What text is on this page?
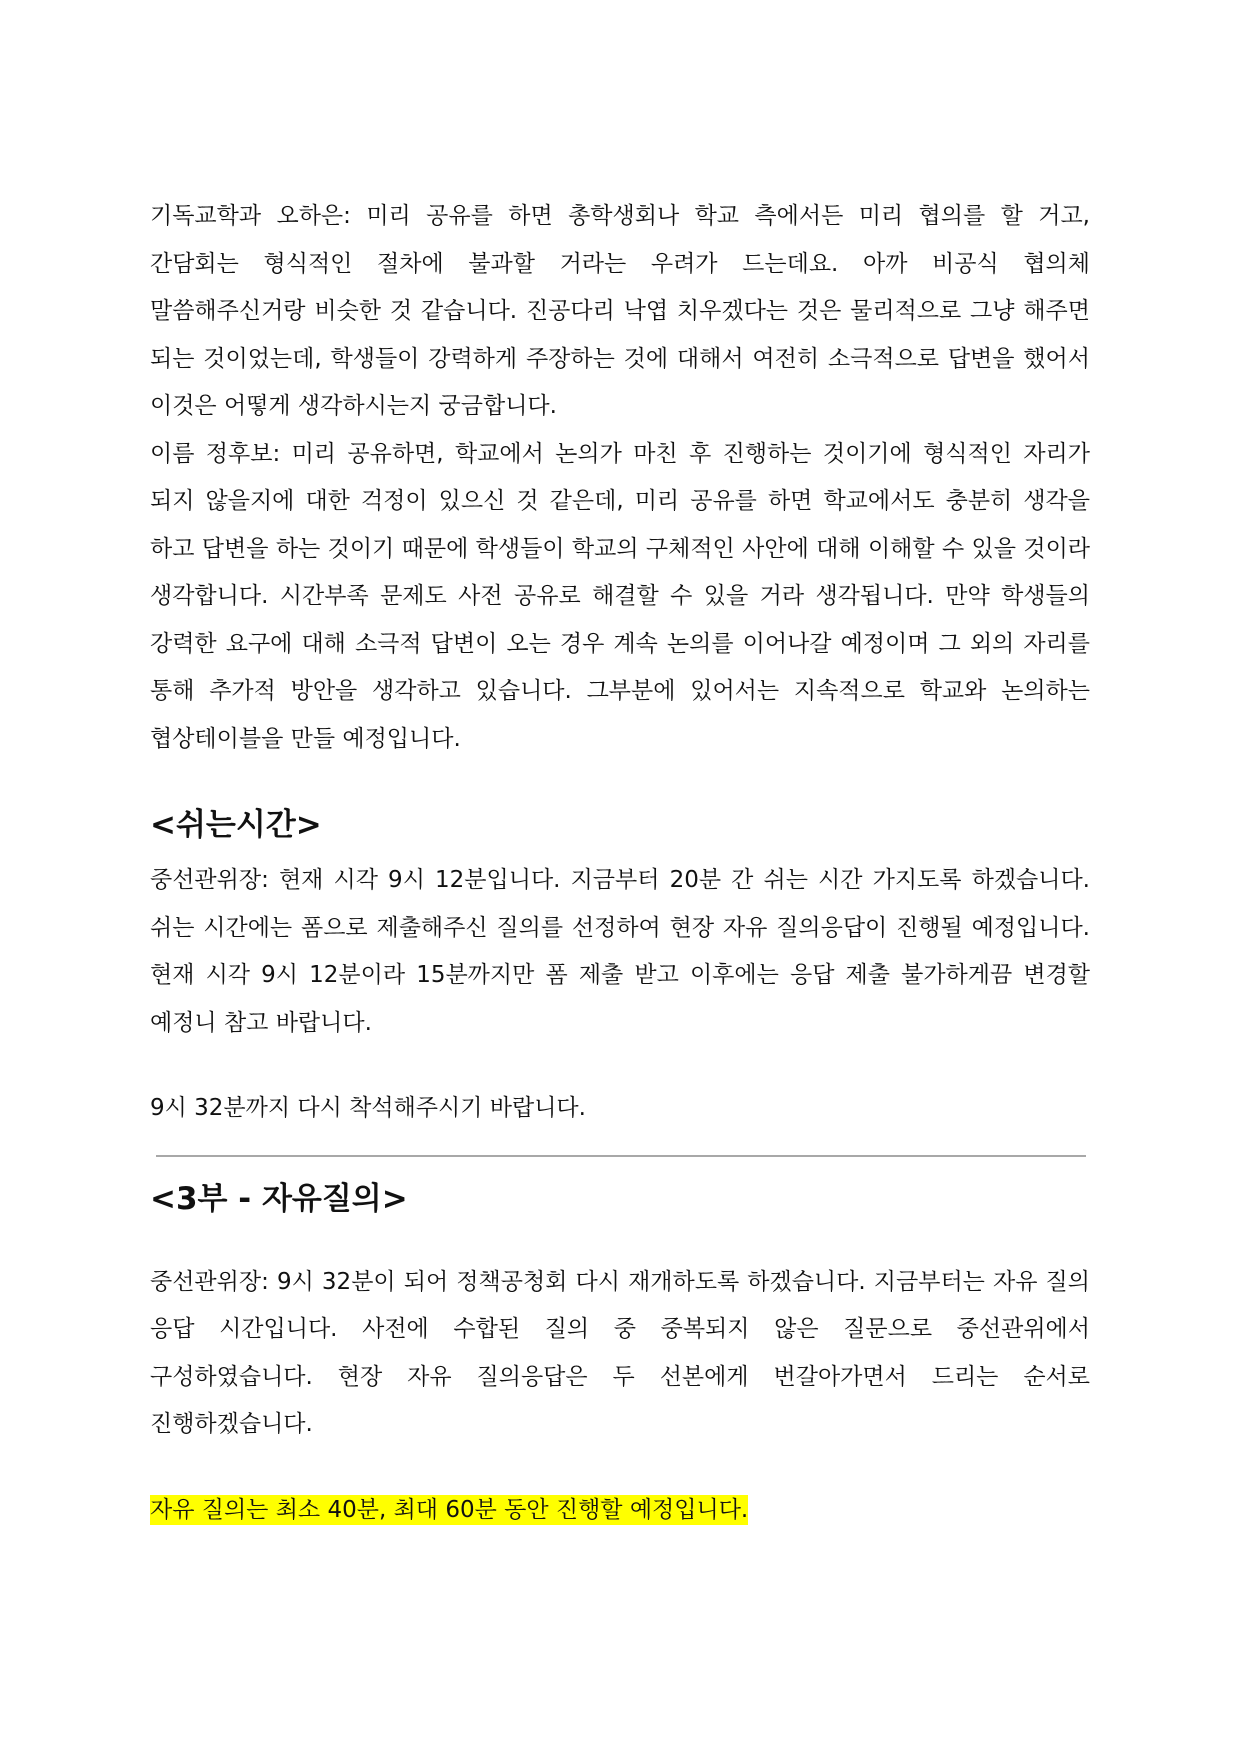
기독교학과 오하은: 미리 공유를 하면 총학생회나 학교 측에서든 미리 협의를 할 거고, 간담회는 형식적인 절차에 불과할 거라는 우려가 드는데요. 아까 비공식 협의체 말씀해주신거랑 비슷한 것 같습니다. 진공다리 낙엽 치우겠다는 것은 물리적으로 그냥 해주면 되는 것이었는데, 학생들이 강력하게 주장하는 것에 대해서 여전히 소극적으로 답변을 했어서 이것은 어떻게 생각하시는지 궁금합니다.

이름 정후보: 미리 공유하면, 학교에서 논의가 마친 후 진행하는 것이기에 형식적인 자리가 되지 않을지에 대한 걱정이 있으신 것 같은데, 미리 공유를 하면 학교에서도 충분히 생각을 하고 답변을 하는 것이기 때문에 학생들이 학교의 구체적인 사안에 대해 이해할 수 있을 것이라 생각합니다. 시간부족 문제도 사전 공유로 해결할 수 있을 거라 생각됩니다. 만약 학생들의 강력한 요구에 대해 소극적 답변이 오는 경우 계속 논의를 이어나갈 예정이며 그 외의 자리를 통해 추가적 방안을 생각하고 있습니다. 그부분에 있어서는 지속적으로 학교와 논의하는 협상테이블을 만들 예정입니다.

<쉬는시간>

중선관위장: 현재 시각 9시 12분입니다. 지금부터 20분 간 쉬는 시간 가지도록 하겠습니다. 쉬는 시간에는 폼으로 제출해주신 질의를 선정하여 현장 자유 질의응답이 진행될 예정입니다. 현재 시각 9시 12분이라 15분까지만 폼 제출 받고 이후에는 응답 제출 불가하게끔 변경할 예정니 참고 바랍니다.

9시 32분까지 다시 착석해주시기 바랍니다.

<3부 - 자유질의>

중선관위장: 9시 32분이 되어 정책공청회 다시 재개하도록 하겠습니다. 지금부터는 자유 질의 응답 시간입니다. 사전에 수합된 질의 중 중복되지 않은 질문으로 중선관위에서 구성하였습니다. 현장 자유 질의응답은 두 선본에게 번갈아가면서 드리는 순서로 진행하겠습니다.

자유 질의는 최소 40분, 최대 60분 동안 진행할 예정입니다.
